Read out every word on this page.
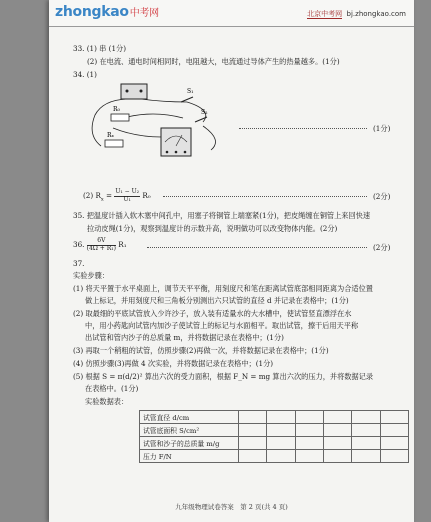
zhongkao中考网	北京中考网 bj.zhongkao.com
33. (1) 串 (1分)
(2) 在电流、通电时间相同时，电阻越大，电流通过导体产生的热量越多。(1分)
34. (1)
S₁
S₂
R₀
Rₓ
(1分)
(2) $R_x = \frac{\text{U₁ − U₂}}{\text{U₁}} R_0$	(2分)
35. 把温度计插入软木塞中间孔中，用塞子将铜管上端塞紧(1分)，把皮绳缠在铜管上来回快速
拉动皮绳(1分)，观察到温度计的示数升高，说明做功可以改变物体内能。(2分)
36. $\frac{6V}{\text{(4Ω + R₁)}} R_1$	(2分)
37.
实验步骤：
(1) 将天平置于水平桌面上，调节天平平衡，用刻度尺和笔在距离试管底部相同距离为合适位置
做上标记，并用刻度尺和三角板分别测出六只试管的直径 d 并记录在表格中；(1分)
(2) 取最细的平底试管放入少许沙子，放入装有适量水的大水槽中，使试管竖直漂浮在水
中，用小药匙向试管内加沙子使试管上的标记与水面相平。取出试管，擦干后用天平称
出试管和管内沙子的总质量 m，并将数据记录在表格中；(1分)
(3) 再取一个稍粗的试管，仿照步骤(2)再做一次，并将数据记录在表格中；(1分)
(4) 仿照步骤(3)再做 4 次实验，并将数据记录在表格中；(1分)
(5) 根据 S = π(d/2)² 算出六次的受力面积，根据 F_N = mg 算出六次的压力，并将数据记录
在表格中。(1分)
实验数据表：
试管直径 d/cm						
试管底面积 S/cm²						
试管和沙子的总质量 m/g						
压力 F/N						
九年级物理试卷答案　第 2 页(共 4 页)
